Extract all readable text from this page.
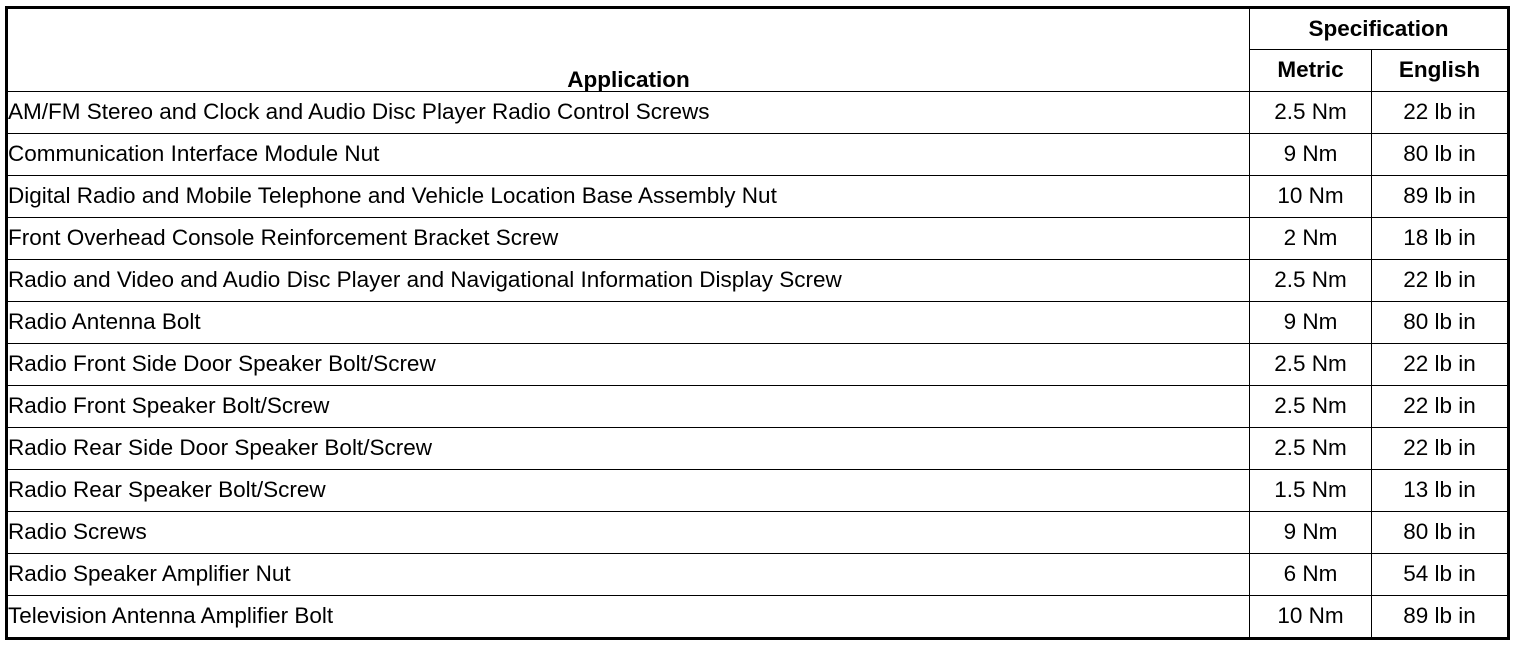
Application	Specification	
	Metric	English
AM/FM Stereo and Clock and Audio Disc Player Radio Control Screws	2.5 Nm	22 lb in
Communication Interface Module Nut	9 Nm	80 lb in
Digital Radio and Mobile Telephone and Vehicle Location Base Assembly Nut	10 Nm	89 lb in
Front Overhead Console Reinforcement Bracket Screw	2 Nm	18 lb in
Radio and Video and Audio Disc Player and Navigational Information Display Screw	2.5 Nm	22 lb in
Radio Antenna Bolt	9 Nm	80 lb in
Radio Front Side Door Speaker Bolt/Screw	2.5 Nm	22 lb in
Radio Front Speaker Bolt/Screw	2.5 Nm	22 lb in
Radio Rear Side Door Speaker Bolt/Screw	2.5 Nm	22 lb in
Radio Rear Speaker Bolt/Screw	1.5 Nm	13 lb in
Radio Screws	9 Nm	80 lb in
Radio Speaker Amplifier Nut	6 Nm	54 lb in
Television Antenna Amplifier Bolt	10 Nm	89 lb in
